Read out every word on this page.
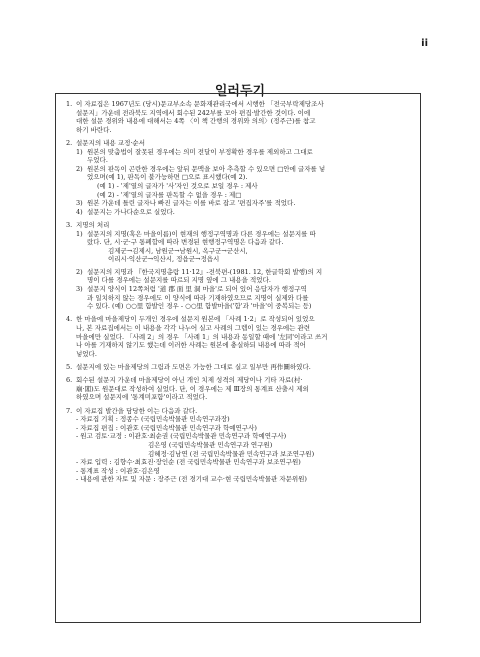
ii
일러두기
1. 이 자료집은 1967년도 (당시)문교부소속 문화재관리국에서 시행한 「전국부락제당조사
설문지」가운데 전라북도 지역에서 회수된 242부를 모아 편집·발간한 것이다. 이에
대한 설문 경위와 내용에 대해서는 4쪽 〈이 책 간행의 경위와 의의〉(정주근)를 참고
하기 바란다.
2. 설문지의 내용 교정·순서
1) 원본의 맞춤법이 잘못된 경우에는 의미 전달이 부정확한 경우를 제외하고 그대로
두었다.
2) 원본의 판독이 곤란한 경우에는 앞뒤 문맥을 보아 추측할 수 있으면 □안에 글자를 넣
었으며(예 1), 판독이 불가능하면 □으로 표시했다(예 2).
(예 1) - '제'열의 글자가 '사'자인 것으로 보일 경우 : 제사
(예 2) - '제'열의 글자를 판독할 수 없을 경우 : 제□
3) 원본 가운데 틀린 글자나 빠진 글자는 이를 바로 잡고 '편집자주'를 적었다.
4) 설문지는 가나다순으로 실었다.
3. 지명의 처리
1) 설문지의 지명(혹은 마을이름)이 현재의 행정구역명과 다른 경우에는 설문지를 따
랐다. 단, 시·군·구 통폐합에 따라 변경된 현행정구역명은 다음과 같다.
김제군→김제시, 남원군→남원시, 옥구군→군산시,
이리시·익산군→익산시, 정읍군→정읍시
2) 설문지의 지명과 『한국지명총람 11·12』-전북편-(1981. 12, 한글학회 발행)의 지
명이 다를 경우에는 설문지를 따르되 지명 옆에 그 내용을 적었다.
3) 설문지 양식이 12쪽처럼 '道 郡 面 里 洞 마을'로 되어 있어 응답자가 행정구역
과 일치하지 않는 경우에도 이 양식에 따라 기재하였으므로 지명이 실제와 다를
수 있다. (예) ○○里 함발인 경우 - ○○里 함발마을('함'과 '마을'이 중복되는 등)
4. 한 마을에 마을제당이 두개인 경우에 설문지 원본에 「사례 1·2」로 작성되어 있었으
나, 본 자료집에서는 이 내용을 각각 나누어 실고 사례의 그렙이 있는 경우에는 관련
마을에만 실었다. 「사례 2」의 경우 「사례 1」의 내용과 동일할 때에 '左同'이라고 쓰거
나 아를 기재하지 않기도 했는데 이러한 사례는 원본에 충실하되 내용에 따라 적어
넣었다.
5. 설문지에 있는 마을제당의 그림과 도면은 가능한 그대로 실고 일부만 再作圖하였다.
6. 회수된 설문지 가운데 마을제당이 아닌 개인 치제 성격의 제당이나 기타 자료(村·
廟·閣)도 원문대로 작성하여 실었다. 단, 이 경우에는 제 Ⅲ장의 통계표 산출시 제외
하였으며 설문지에 '통계미포함'이라고 적었다.
7. 이 자료집 발간을 담당한 이는 다음과 같다.
- 자료집 기획 : 정종수 (국립민속박물관 민속연구과장)
- 자료집 편집 : 이관호 (국립민속박물관 민속연구과 학예연구사)
- 원고 검토·교정 : 이관호·최순권 (국립민속박물관 민속연구과 학예연구사)
김은영 (국립민속박물관 민속연구과 연구원)
김혜정·김남연 (전 국립민속박물관 민속연구과 보조연구원)
- 자료 입력 : 김향수·최효진·장인순 (전 국립민속박물관 민속연구과 보조연구원)
- 통계표 작성 : 이관호·김은영
- 내용에 관한 자토 및 자문 : 장주근 (전 경기대 교수·현 국립민속박물관 자문위원)
